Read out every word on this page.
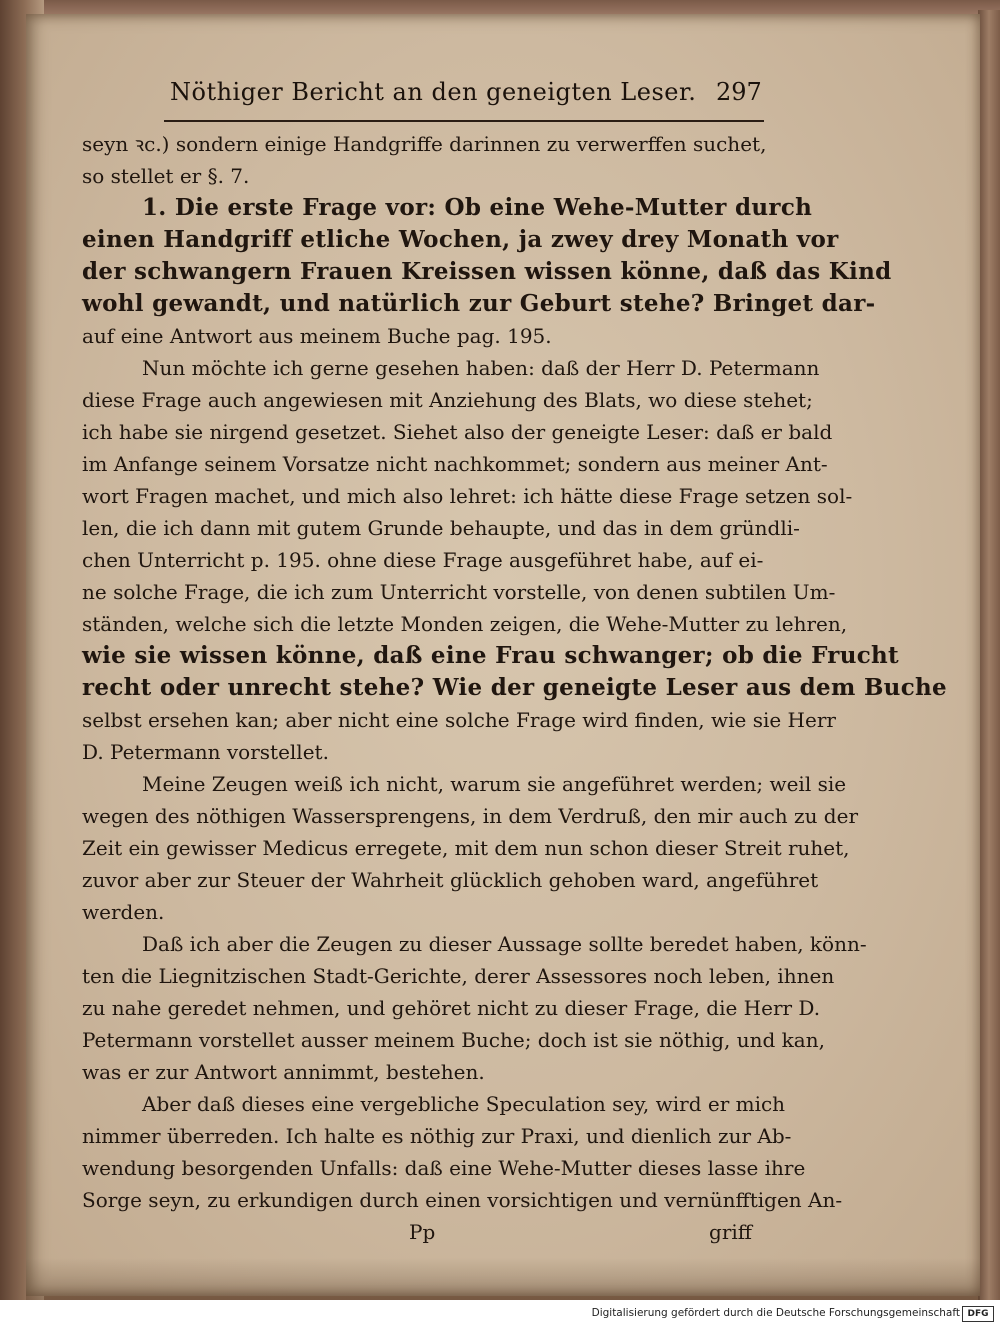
Nöthiger Bericht an den geneigten Leser. 297
seyn ꝛc.) sondern einige Handgriffe darinnen zu verwerffen suchet,
so stellet er §. 7.
1. Die erste Frage vor: Ob eine Wehe-Mutter durch
einen Handgriff etliche Wochen, ja zwey drey Monath vor
der schwangern Frauen Kreissen wissen könne, daß das Kind
wohl gewandt, und natürlich zur Geburt stehe? Bringet dar-
auf eine Antwort aus meinem Buche pag. 195.
Nun möchte ich gerne gesehen haben: daß der Herr D. Petermann
diese Frage auch angewiesen mit Anziehung des Blats, wo diese stehet;
ich habe sie nirgend gesetzet. Siehet also der geneigte Leser: daß er bald
im Anfange seinem Vorsatze nicht nachkommet; sondern aus meiner Ant-
wort Fragen machet, und mich also lehret: ich hätte diese Frage setzen sol-
len, die ich dann mit gutem Grunde behaupte, und das in dem gründli-
chen Unterricht p. 195. ohne diese Frage ausgeführet habe, auf ei-
ne solche Frage, die ich zum Unterricht vorstelle, von denen subtilen Um-
ständen, welche sich die letzte Monden zeigen, die Wehe-Mutter zu lehren,
wie sie wissen könne, daß eine Frau schwanger; ob die Frucht
recht oder unrecht stehe? Wie der geneigte Leser aus dem Buche
selbst ersehen kan; aber nicht eine solche Frage wird finden, wie sie Herr
D. Petermann vorstellet.
Meine Zeugen weiß ich nicht, warum sie angeführet werden; weil sie
wegen des nöthigen Wassersprengens, in dem Verdruß, den mir auch zu der
Zeit ein gewisser Medicus erregete, mit dem nun schon dieser Streit ruhet,
zuvor aber zur Steuer der Wahrheit glücklich gehoben ward, angeführet
werden.
Daß ich aber die Zeugen zu dieser Aussage sollte beredet haben, könn-
ten die Liegnitzischen Stadt-Gerichte, derer Assessores noch leben, ihnen
zu nahe geredet nehmen, und gehöret nicht zu dieser Frage, die Herr D.
Petermann vorstellet ausser meinem Buche; doch ist sie nöthig, und kan,
was er zur Antwort annimmt, bestehen.
Aber daß dieses eine vergebliche Speculation sey, wird er mich
nimmer überreden. Ich halte es nöthig zur Praxi, und dienlich zur Ab-
wendung besorgenden Unfalls: daß eine Wehe-Mutter dieses lasse ihre
Sorge seyn, zu erkundigen durch einen vorsichtigen und vernünfftigen An-
Pp	griff
Digitalisierung gefördert durch die Deutsche Forschungsgemeinschaft DFG
